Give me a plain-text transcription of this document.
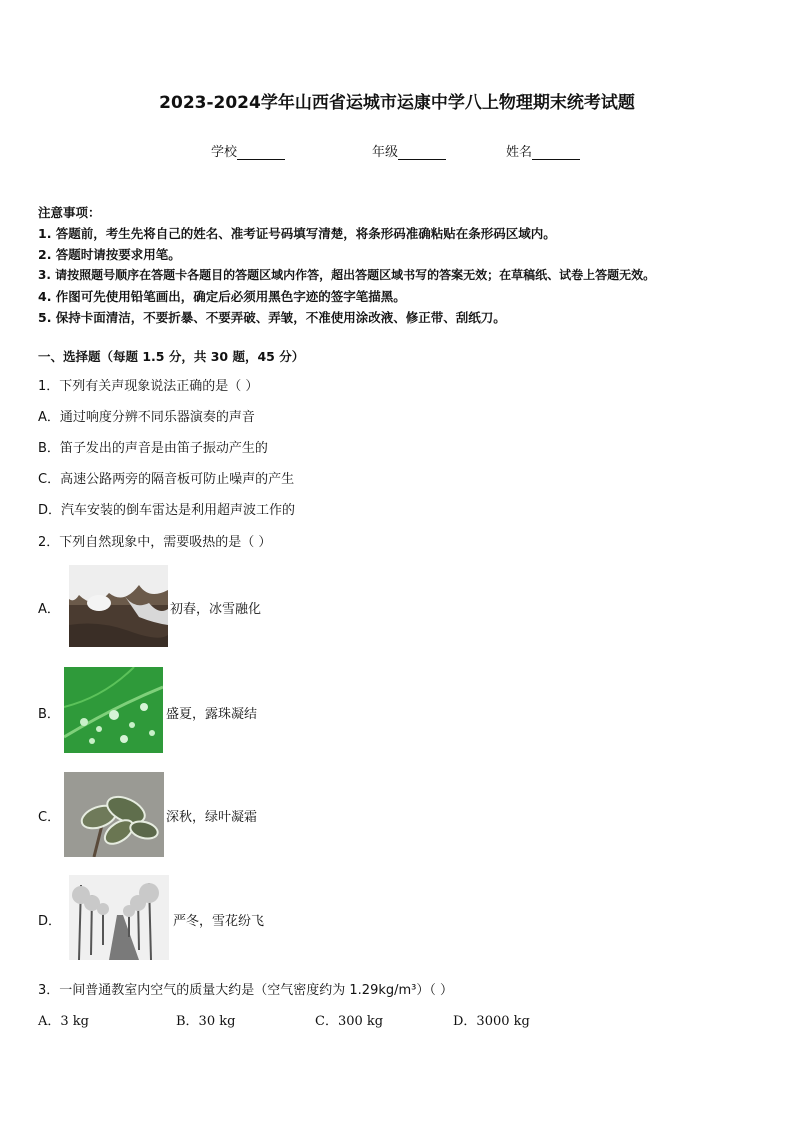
2023-2024学年山西省运城市运康中学八上物理期末统考试题
学校	年级	姓名
注意事项：
1. 答题前，考生先将自己的姓名、准考证号码填写清楚，将条形码准确粘贴在条形码区域内。
2. 答题时请按要求用笔。
3. 请按照题号顺序在答题卡各题目的答题区域内作答，超出答题区域书写的答案无效；在草稿纸、试卷上答题无效。
4. 作图可先使用铅笔画出，确定后必须用黑色字迹的签字笔描黑。
5. 保持卡面清洁，不要折暴、不要弄破、弄皱，不准使用涂改液、修正带、刮纸刀。
一、选择题（每题 1.5 分，共 30 题，45 分）
1．下列有关声现象说法正确的是（ ）
A．通过响度分辨不同乐器演奏的声音
B．笛子发出的声音是由笛子振动产生的
C．高速公路两旁的隔音板可防止噪声的产生
D．汽车安装的倒车雷达是利用超声波工作的
2．下列自然现象中，需要吸热的是（ ）
A．	初春，冰雪融化
B．	盛夏，露珠凝结
C．	深秋，绿叶凝霜
D．	严冬，雪花纷飞
3．一间普通教室内空气的质量大约是（空气密度约为 1.29kg/m³）（ ）
A．3 kg	B．30 kg	C．300 kg	D．3000 kg
